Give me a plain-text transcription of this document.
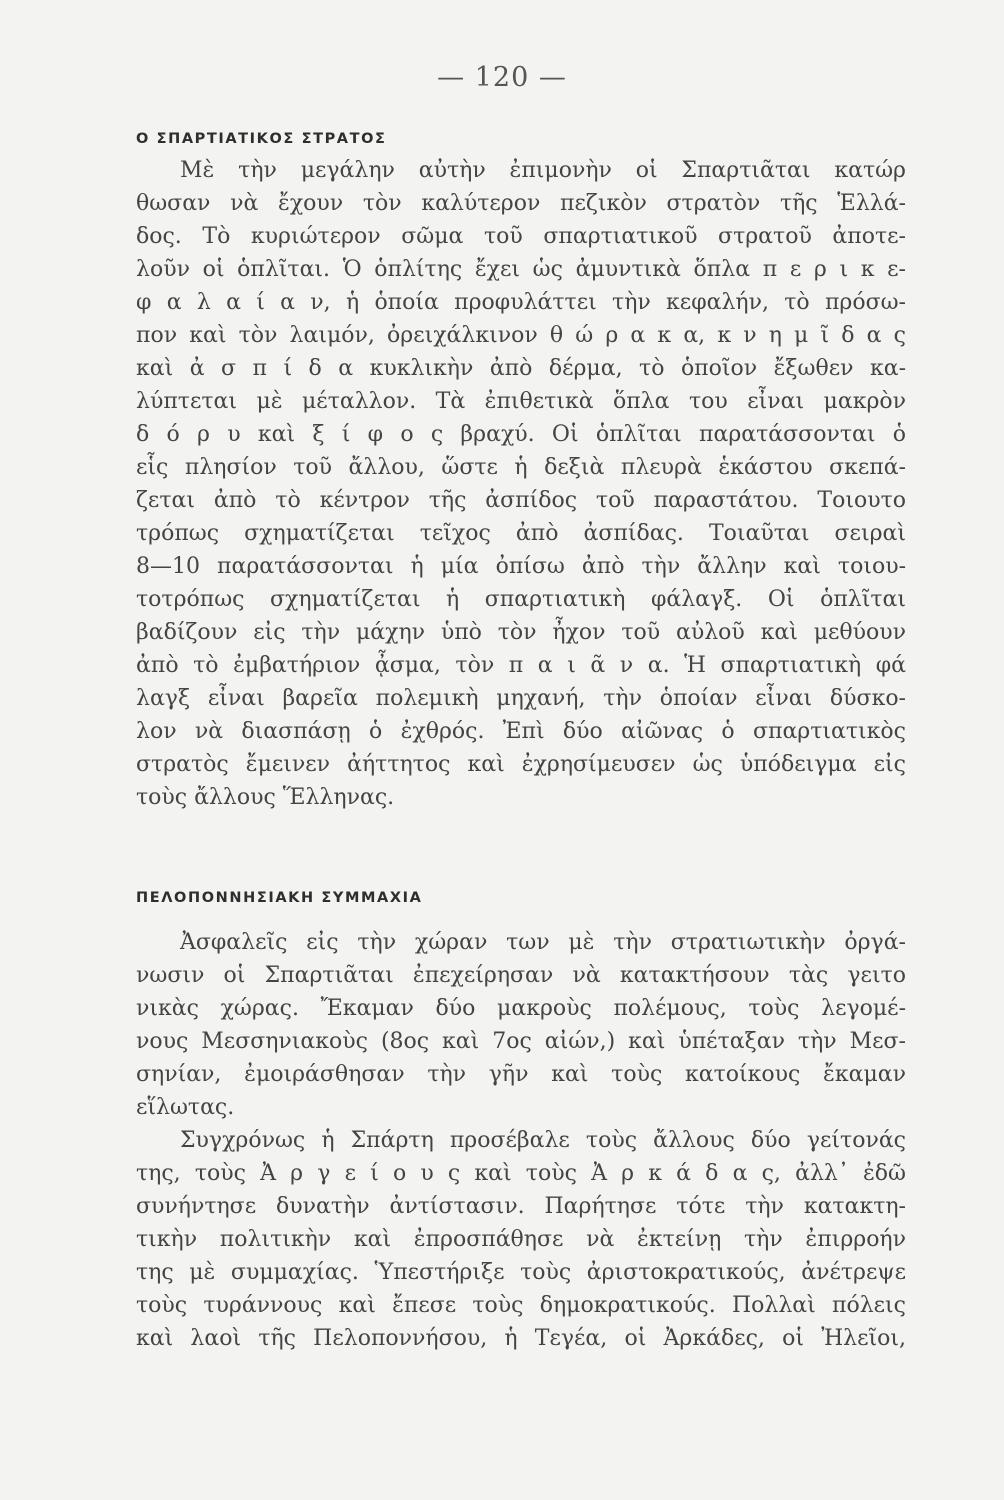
— 120 —
Ο ΣΠΑΡΤΙΑΤΙΚΟΣ ΣΤΡΑΤΟΣ
Μὲ τὴν μεγάλην αὐτὴν ἐπιμονὴν οἱ Σπαρτιᾶται κατώρ
θωσαν νὰ ἔχουν τὸν καλύτερον πεζικὸν στρατὸν τῆς Ἑλλά-
δος. Τὸ κυριώτερον σῶμα τοῦ σπαρτιατικοῦ στρατοῦ ἀποτε-
λοῦν οἱ ὁπλῖται. Ὁ ὁπλίτης ἔχει ὡς ἀμυντικὰ ὅπλα π ε ρ ι κ ε-
φ α λ α ί α ν, ἡ ὁποία προφυλάττει τὴν κεφαλήν, τὸ πρόσω-
πον καὶ τὸν λαιμόν, ὀρειχάλκινον θ ώ ρ α κ α, κ ν η μ ῖ δ α ς
καὶ ἀ σ π ί δ α κυκλικὴν ἀπὸ δέρμα, τὸ ὁποῖον ἔξωθεν κα-
λύπτεται μὲ μέταλλον. Τὰ ἐπιθετικὰ ὅπλα του εἶναι μακρὸν
δ ό ρ υ καὶ ξ ί φ ο ς βραχύ. Οἱ ὁπλῖται παρατάσσονται ὁ
εἷς πλησίον τοῦ ἄλλου, ὥστε ἡ δεξιὰ πλευρὰ ἑκάστου σκεπά-
ζεται ἀπὸ τὸ κέντρον τῆς ἀσπίδος τοῦ παραστάτου. Τοιουτο
τρόπως σχηματίζεται τεῖχος ἀπὸ ἀσπίδας. Τοιαῦται σειραὶ
8—10 παρατάσσονται ἡ μία ὀπίσω ἀπὸ τὴν ἄλλην καὶ τοιου-
τοτρόπως σχηματίζεται ἡ σπαρτιατικὴ φάλαγξ. Οἱ ὁπλῖται
βαδίζουν εἰς τὴν μάχην ὑπὸ τὸν ἦχον τοῦ αὐλοῦ καὶ μεθύουν
ἀπὸ τὸ ἐμβατήριον ᾆσμα, τὸν π α ι ᾶ ν α. Ἡ σπαρτιατικὴ φά
λαγξ εἶναι βαρεῖα πολεμικὴ μηχανή, τὴν ὁποίαν εἶναι δύσκο-
λον νὰ διασπάσῃ ὁ ἐχθρός. Ἐπὶ δύο αἰῶνας ὁ σπαρτιατικὸς
στρατὸς ἔμεινεν ἀήττητος καὶ ἐχρησίμευσεν ὡς ὑπόδειγμα εἰς
τοὺς ἄλλους Ἕλληνας.
ΠΕΛΟΠΟΝΝΗΣΙΑΚΗ ΣΥΜΜΑΧΙΑ
Ἀσφαλεῖς εἰς τὴν χώραν των μὲ τὴν στρατιωτικὴν ὀργά-
νωσιν οἱ Σπαρτιᾶται ἐπεχείρησαν νὰ κατακτήσουν τὰς γειτο
νικὰς χώρας. Ἔκαμαν δύο μακροὺς πολέμους, τοὺς λεγομέ-
νους Μεσσηνιακοὺς (8ος καὶ 7ος αἰών,) καὶ ὑπέταξαν τὴν Μεσ-
σηνίαν, ἐμοιράσθησαν τὴν γῆν καὶ τοὺς κατοίκους ἔκαμαν
εἵλωτας.
Συγχρόνως ἡ Σπάρτη προσέβαλε τοὺς ἄλλους δύο γείτονάς
της, τοὺς Ἀ ρ γ ε ί ο υ ς καὶ τοὺς Ἀ ρ κ ά δ α ς, ἀλλ᾽ ἐδῶ
συνήντησε δυνατὴν ἀντίστασιν. Παρήτησε τότε τὴν κατακτη-
τικὴν πολιτικὴν καὶ ἐπροσπάθησε νὰ ἐκτείνῃ τὴν ἐπιρροήν
της μὲ συμμαχίας. Ὑπεστήριξε τοὺς ἀριστοκρατικούς, ἀνέτρεψε
τοὺς τυράννους καὶ ἔπεσε τοὺς δημοκρατικούς. Πολλαὶ πόλεις
καὶ λαοὶ τῆς Πελοποννήσου, ἡ Τεγέα, οἱ Ἀρκάδες, οἱ Ἠλεῖοι,
